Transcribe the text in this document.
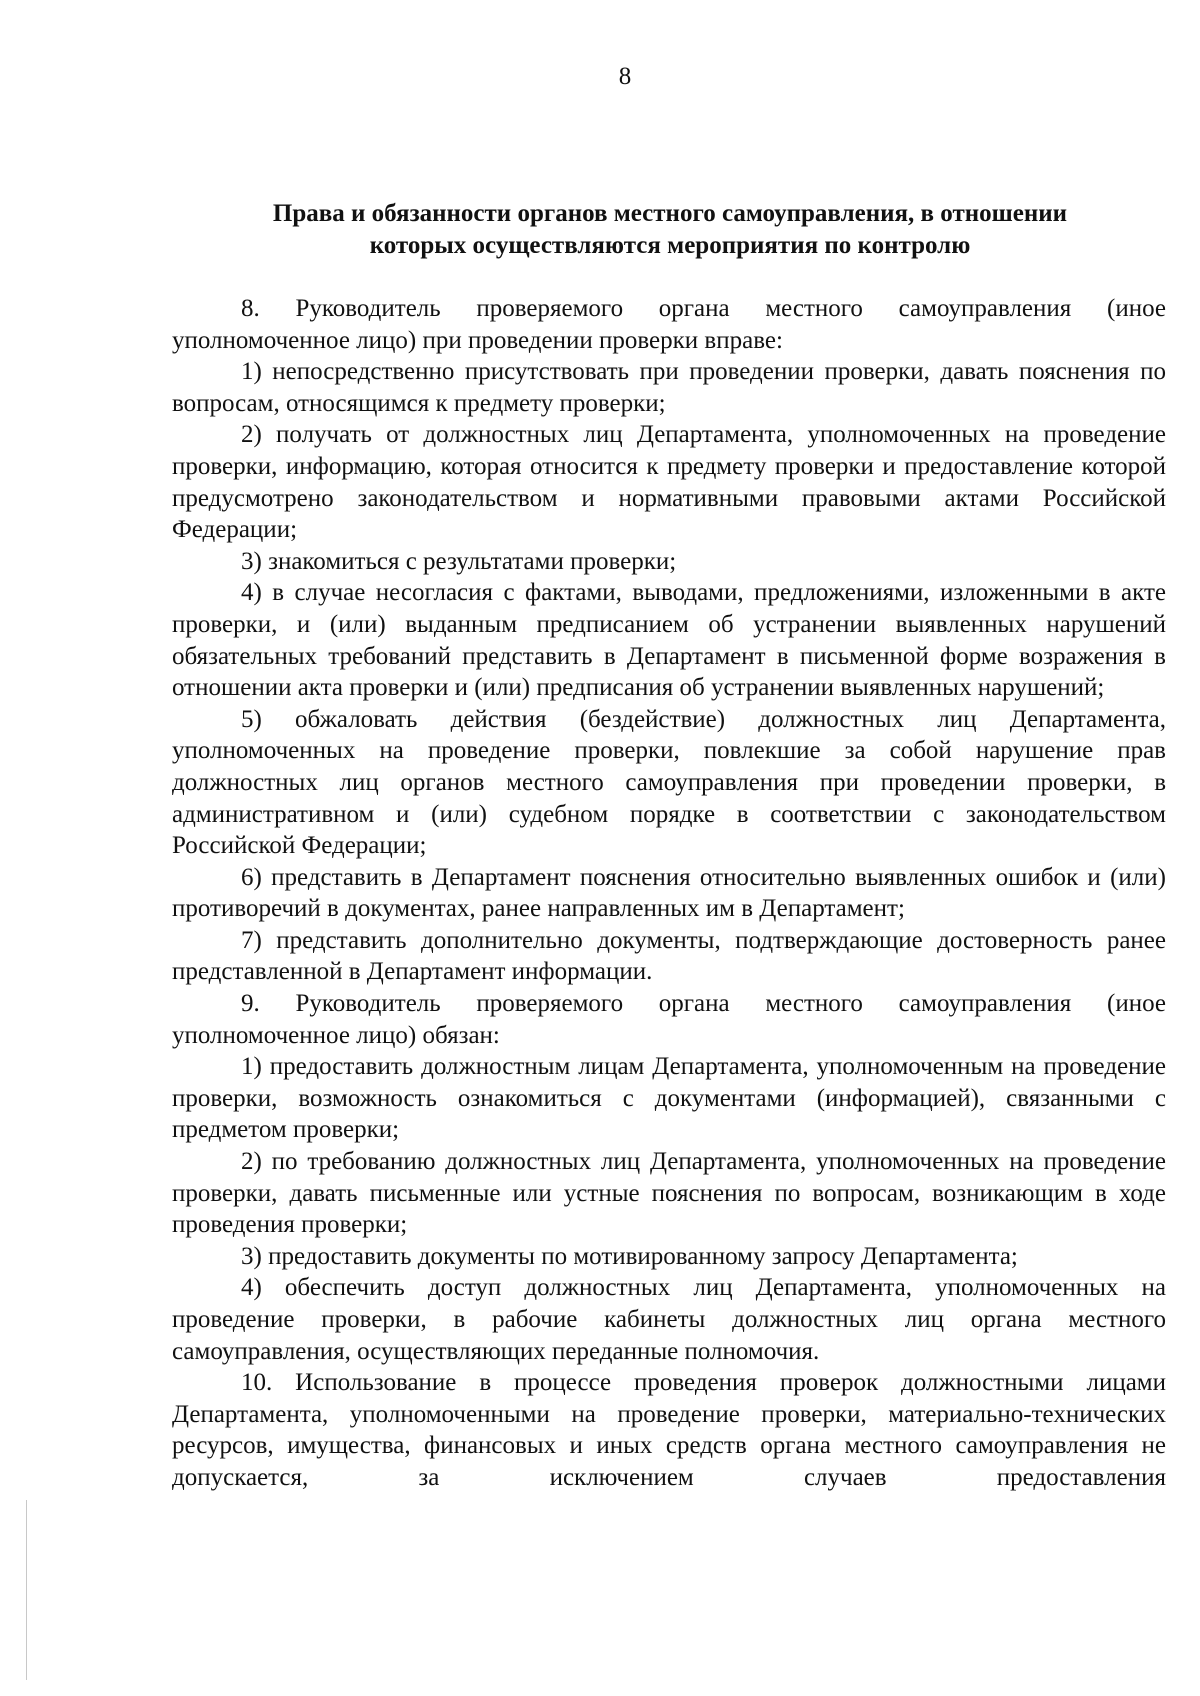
8
Права и обязанности органов местного самоуправления, в отношении
которых осуществляются мероприятия по контролю

8. Руководитель проверяемого органа местного самоуправления (иное уполномоченное лицо) при проведении проверки вправе:

1) непосредственно присутствовать при проведении проверки, давать пояснения по вопросам, относящимся к предмету проверки;

2) получать от должностных лиц Департамента, уполномоченных на проведение проверки, информацию, которая относится к предмету проверки и предоставление которой предусмотрено законодательством и нормативными правовыми актами Российской Федерации;

3) знакомиться с результатами проверки;

4) в случае несогласия с фактами, выводами, предложениями, изложенными в акте проверки, и (или) выданным предписанием об устранении выявленных нарушений обязательных требований представить в Департамент в письменной форме возражения в отношении акта проверки и (или) предписания об устранении выявленных нарушений;

5) обжаловать действия (бездействие) должностных лиц Департамента, уполномоченных на проведение проверки, повлекшие за собой нарушение прав должностных лиц органов местного самоуправления при проведении проверки, в административном и (или) судебном порядке в соответствии с законодательством Российской Федерации;

6) представить в Департамент пояснения относительно выявленных ошибок и (или) противоречий в документах, ранее направленных им в Департамент;

7) представить дополнительно документы, подтверждающие достоверность ранее представленной в Департамент информации.

9. Руководитель проверяемого органа местного самоуправления (иное уполномоченное лицо) обязан:

1) предоставить должностным лицам Департамента, уполномоченным на проведение проверки, возможность ознакомиться с документами (информацией), связанными с предметом проверки;

2) по требованию должностных лиц Департамента, уполномоченных на проведение проверки, давать письменные или устные пояснения по вопросам, возникающим в ходе проведения проверки;

3) предоставить документы по мотивированному запросу Департамента;

4) обеспечить доступ должностных лиц Департамента, уполномоченных на проведение проверки, в рабочие кабинеты должностных лиц органа местного самоуправления, осуществляющих переданные полномочия.

10. Использование в процессе проведения проверок должностными лицами Департамента, уполномоченными на проведение проверки, материально-технических ресурсов, имущества, финансовых и иных средств органа местного самоуправления не допускается, за исключением случаев предоставления
